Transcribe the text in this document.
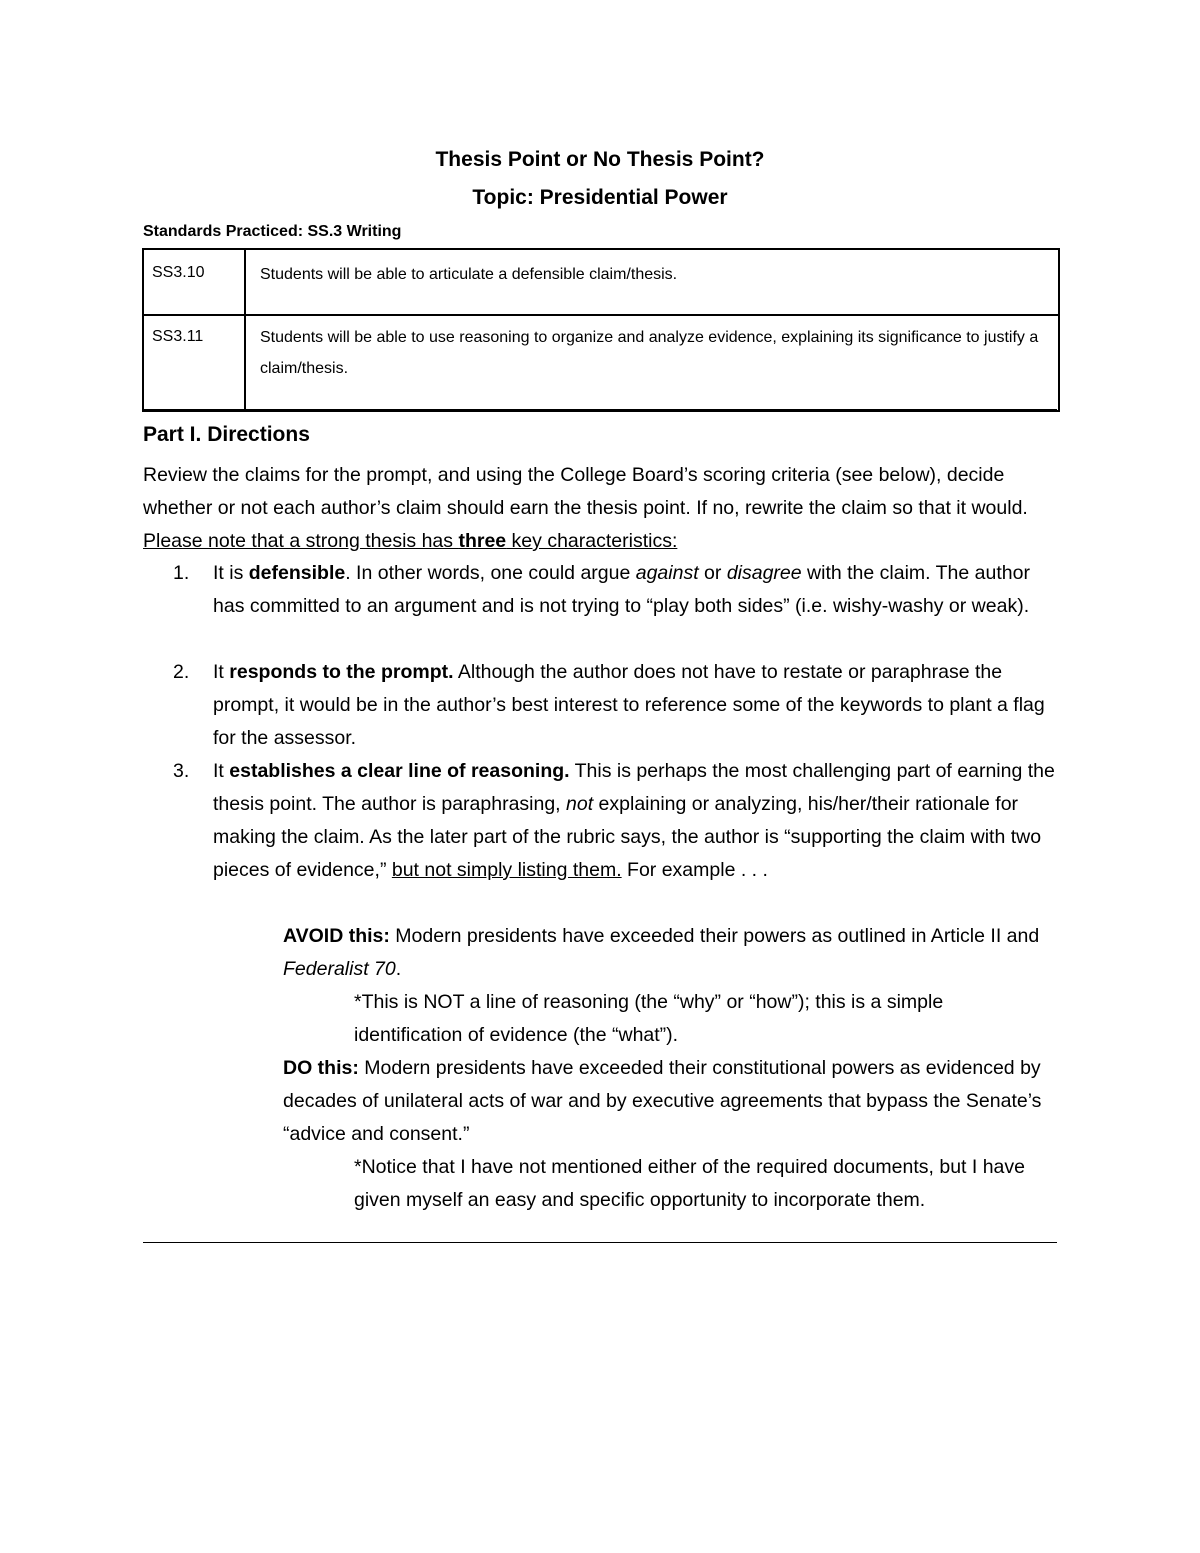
Thesis Point or No Thesis Point?
Topic: Presidential Power
Standards Practiced: SS.3 Writing
SS3.10	Students will be able to articulate a defensible claim/thesis.
SS3.11	Students will be able to use reasoning to organize and analyze evidence, explaining its significance to justify a claim/thesis.
Part I. Directions
Review the claims for the prompt, and using the College Board’s scoring criteria (see below), decide whether or not each author’s claim should earn the thesis point. If no, rewrite the claim so that it would. Please note that a strong thesis has three key characteristics:
1.	It is defensible. In other words, one could argue against or disagree with the claim. The author has committed to an argument and is not trying to “play both sides” (i.e. wishy-washy or weak).
2.	It responds to the prompt. Although the author does not have to restate or paraphrase the prompt, it would be in the author’s best interest to reference some of the keywords to plant a flag for the assessor.
3.	It establishes a clear line of reasoning. This is perhaps the most challenging part of earning the thesis point. The author is paraphrasing, not explaining or analyzing, his/her/their rationale for making the claim. As the later part of the rubric says, the author is “supporting the claim with two pieces of evidence,” but not simply listing them. For example . . .
AVOID this: Modern presidents have exceeded their powers as outlined in Article II and Federalist 70.
*This is NOT a line of reasoning (the “why” or “how”); this is a simple identification of evidence (the “what”).
DO this: Modern presidents have exceeded their constitutional powers as evidenced by decades of unilateral acts of war and by executive agreements that bypass the Senate’s “advice and consent.”
*Notice that I have not mentioned either of the required documents, but I have given myself an easy and specific opportunity to incorporate them.
